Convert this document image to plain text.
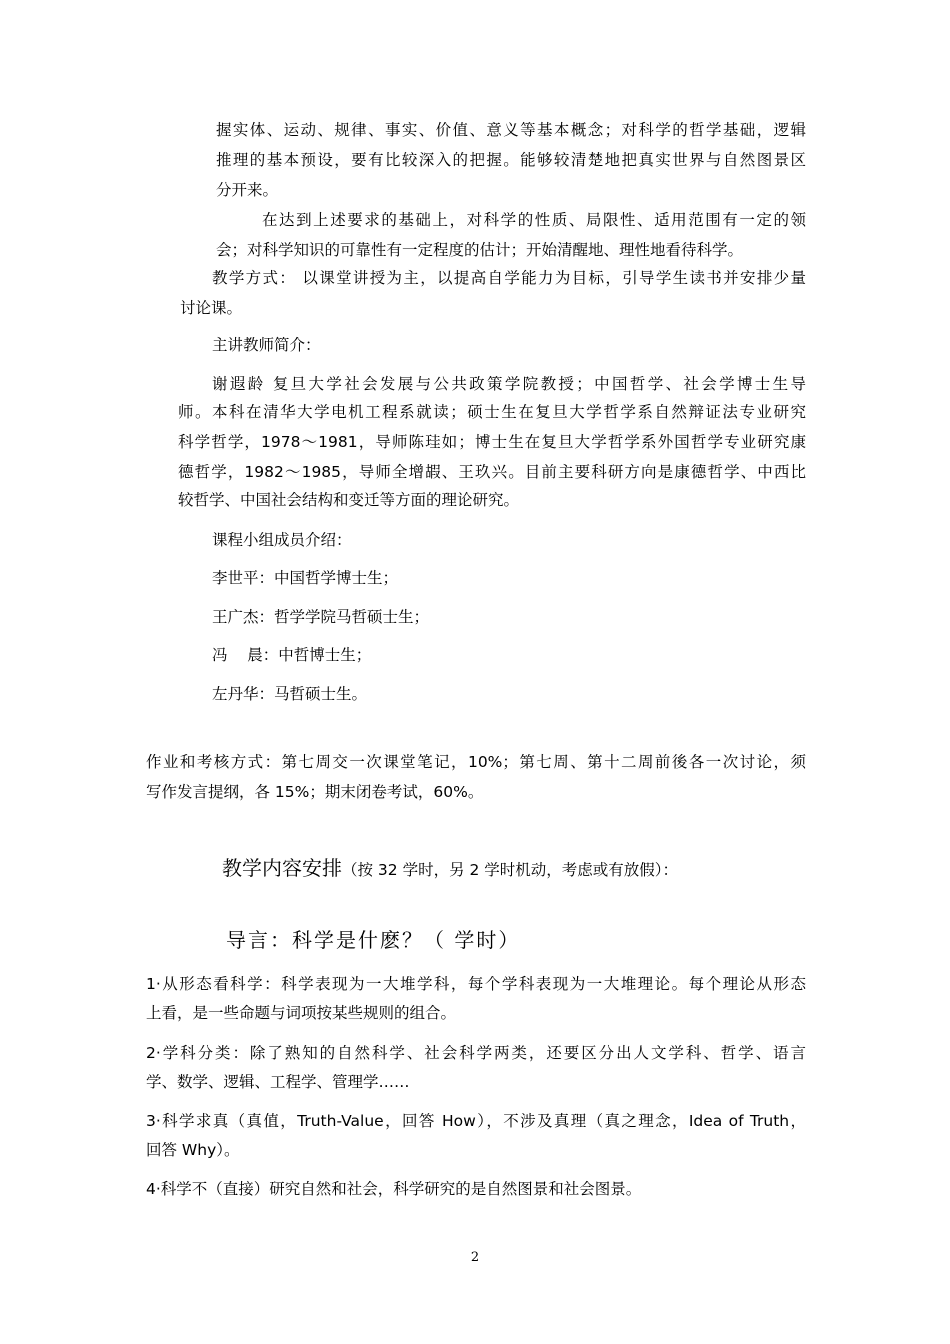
握实体、运动、规律、事实、价值、意义等基本概念；对科学的哲学基础，逻辑
推理的基本预设，要有比较深入的把握。能够较清楚地把真实世界与自然图景区
分开来。
在达到上述要求的基础上，对科学的性质、局限性、适用范围有一定的领
会；对科学知识的可靠性有一定程度的估计；开始清醒地、理性地看待科学。
教学方式： 以课堂讲授为主，以提高自学能力为目标，引导学生读书并安排少量
讨论课。
主讲教师简介：
谢遐龄 复旦大学社会发展与公共政策学院教授；中国哲学、社会学博士生导
师。本科在清华大学电机工程系就读；硕士生在复旦大学哲学系自然辩证法专业研究
科学哲学，1978～1981，导师陈珪如；博士生在复旦大学哲学系外国哲学专业研究康
德哲学，1982～1985，导师全增嘏、王玖兴。目前主要科研方向是康德哲学、中西比
较哲学、中国社会结构和变迁等方面的理论研究。
课程小组成员介绍：
李世平：中国哲学博士生；
王广杰：哲学学院马哲硕士生；
冯    晨：中哲博士生；
左丹华：马哲硕士生。
作业和考核方式：第七周交一次课堂笔记，10%；第七周、第十二周前後各一次讨论，须
写作发言提纲，各 15%；期末闭卷考试，60%。
教学内容安排（按 32 学时，另 2 学时机动，考虑或有放假）：
导言：科学是什麽？（ 学时）
1·从形态看科学：科学表现为一大堆学科，每个学科表现为一大堆理论。每个理论从形态
上看，是一些命题与词项按某些规则的组合。
2·学科分类：除了熟知的自然科学、社会科学两类，还要区分出人文学科、哲学、语言
学、数学、逻辑、工程学、管理学……
3·科学求真（真值，Truth-Value，回答 How），不涉及真理（真之理念，Idea of Truth，
回答 Why）。
4·科学不（直接）研究自然和社会，科学研究的是自然图景和社会图景。
2
